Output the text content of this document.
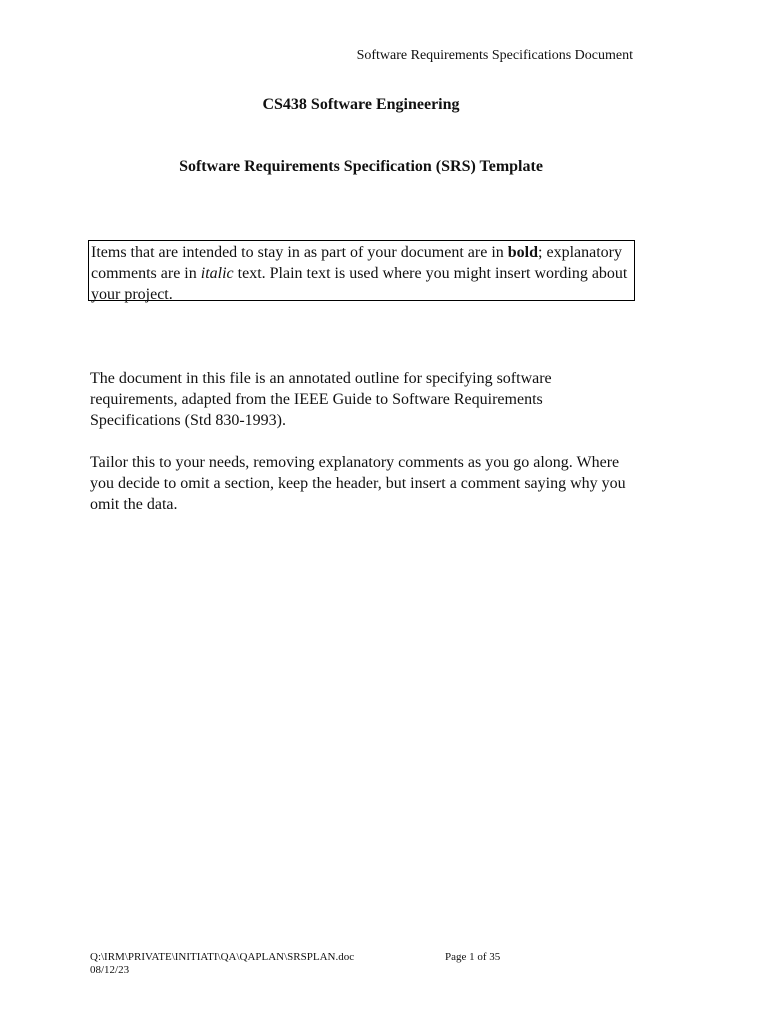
Software Requirements Specifications Document
CS438 Software Engineering
Software Requirements Specification (SRS) Template
Items that are intended to stay in as part of your document are in bold; explanatory comments are in italic text. Plain text is used where you might insert wording about your project.

The document in this file is an annotated outline for specifying software requirements, adapted from the IEEE Guide to Software Requirements Specifications (Std 830-1993).

Tailor this to your needs, removing explanatory comments as you go along. Where you decide to omit a section, keep the header, but insert a comment saying why you omit the data.

Q:\IRM\PRIVATE\INITIATI\QA\QAPLAN\SRSPLAN.doc
08/12/23
Page 1 of 35
